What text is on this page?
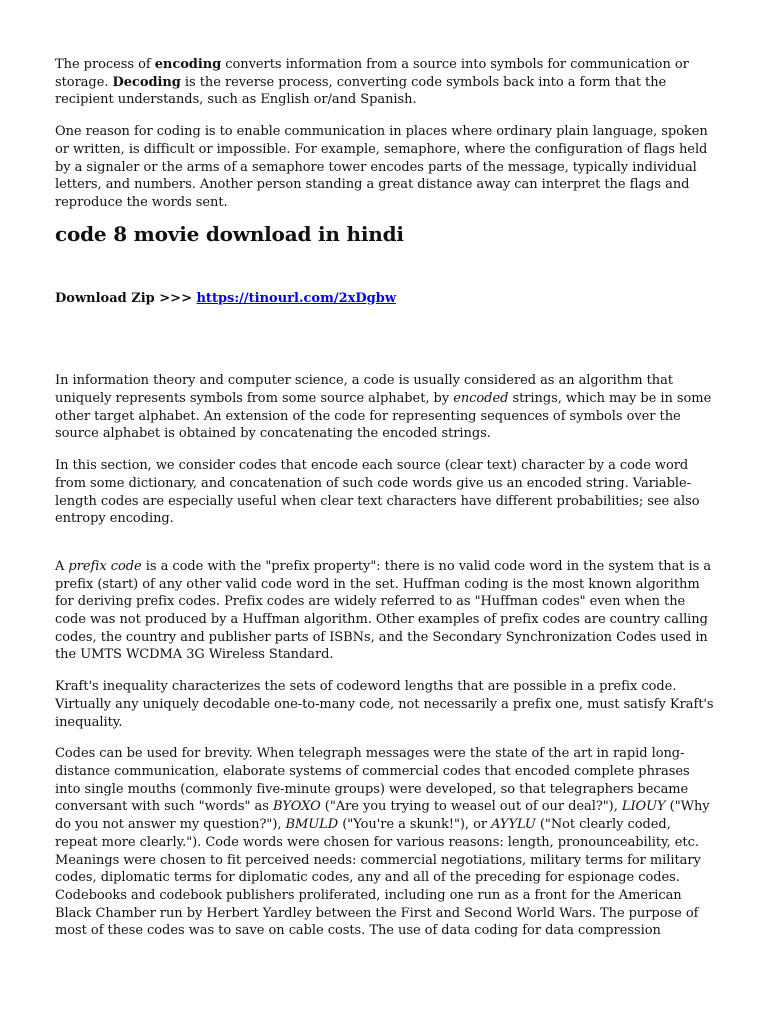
The process of encoding converts information from a source into symbols for communication or storage. Decoding is the reverse process, converting code symbols back into a form that the recipient understands, such as English or/and Spanish.

One reason for coding is to enable communication in places where ordinary plain language, spoken or written, is difficult or impossible. For example, semaphore, where the configuration of flags held by a signaler or the arms of a semaphore tower encodes parts of the message, typically individual letters, and numbers. Another person standing a great distance away can interpret the flags and reproduce the words sent.

code 8 movie download in hindi
Download Zip >>> https://tinourl.com/2xDgbw

In information theory and computer science, a code is usually considered as an algorithm that uniquely represents symbols from some source alphabet, by encoded strings, which may be in some other target alphabet. An extension of the code for representing sequences of symbols over the source alphabet is obtained by concatenating the encoded strings.

In this section, we consider codes that encode each source (clear text) character by a code word from some dictionary, and concatenation of such code words give us an encoded string. Variable-length codes are especially useful when clear text characters have different probabilities; see also entropy encoding.

A prefix code is a code with the "prefix property": there is no valid code word in the system that is a prefix (start) of any other valid code word in the set. Huffman coding is the most known algorithm for deriving prefix codes. Prefix codes are widely referred to as "Huffman codes" even when the code was not produced by a Huffman algorithm. Other examples of prefix codes are country calling codes, the country and publisher parts of ISBNs, and the Secondary Synchronization Codes used in the UMTS WCDMA 3G Wireless Standard.

Kraft's inequality characterizes the sets of codeword lengths that are possible in a prefix code. Virtually any uniquely decodable one-to-many code, not necessarily a prefix one, must satisfy Kraft's inequality.

Codes can be used for brevity. When telegraph messages were the state of the art in rapid long-distance communication, elaborate systems of commercial codes that encoded complete phrases into single mouths (commonly five-minute groups) were developed, so that telegraphers became conversant with such "words" as BYOXO ("Are you trying to weasel out of our deal?"), LIOUY ("Why do you not answer my question?"), BMULD ("You're a skunk!"), or AYYLU ("Not clearly coded, repeat more clearly."). Code words were chosen for various reasons: length, pronounceability, etc. Meanings were chosen to fit perceived needs: commercial negotiations, military terms for military codes, diplomatic terms for diplomatic codes, any and all of the preceding for espionage codes. Codebooks and codebook publishers proliferated, including one run as a front for the American Black Chamber run by Herbert Yardley between the First and Second World Wars. The purpose of most of these codes was to save on cable costs. The use of data coding for data compression
